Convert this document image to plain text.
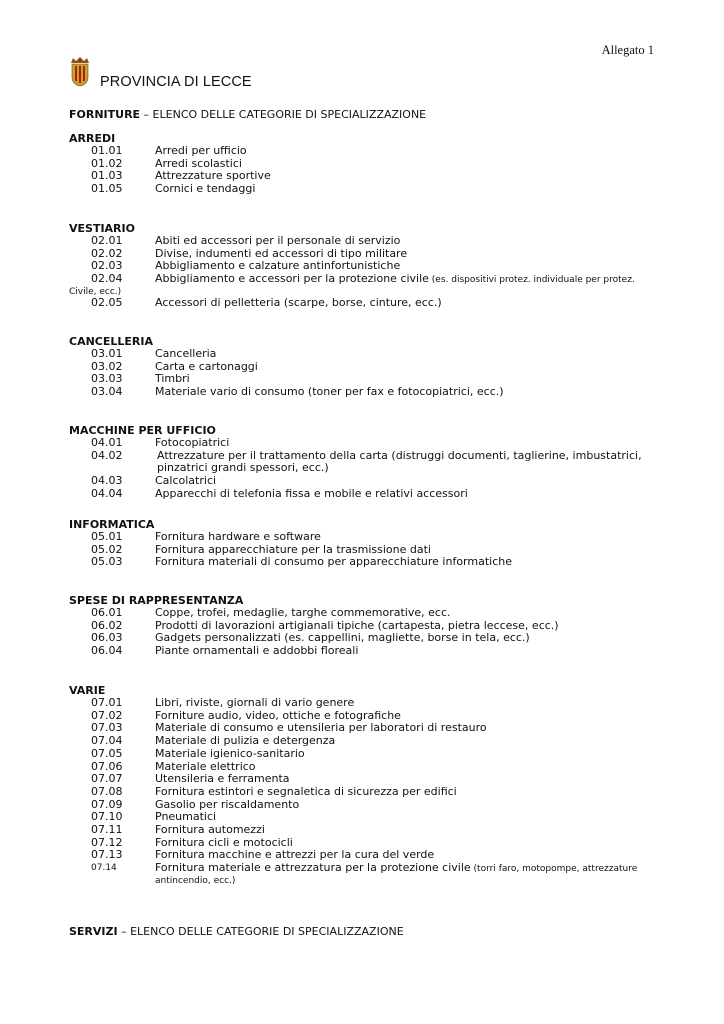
Allegato 1
PROVINCIA DI LECCE
FORNITURE – ELENCO DELLE CATEGORIE DI SPECIALIZZAZIONE
ARREDI
01.01	Arredi per ufficio
01.02	Arredi scolastici
01.03	Attrezzature sportive
01.05	Cornici e tendaggi
VESTIARIO
02.01	Abiti ed accessori per il personale di servizio
02.02	Divise, indumenti ed accessori di tipo militare
02.03	Abbigliamento e calzature antinfortunistiche
02.04	Abbigliamento e accessori per la protezione civile (es. dispositivi protez. individuale per protez.
Civile, ecc.)
02.05	Accessori di pelletteria (scarpe, borse, cinture, ecc.)
CANCELLERIA
03.01	Cancelleria
03.02	Carta e cartonaggi
03.03	Timbri
03.04	Materiale vario di consumo (toner per fax e fotocopiatrici, ecc.)
MACCHINE PER UFFICIO
04.01	Fotocopiatrici
04.02	Attrezzature per il trattamento della carta (distruggi documenti, taglierine, imbustatrici,
pinzatrici grandi spessori, ecc.)
04.03	Calcolatrici
04.04	Apparecchi di telefonia fissa e mobile e relativi accessori
INFORMATICA
05.01	Fornitura hardware e software
05.02	Fornitura apparecchiature per la trasmissione dati
05.03	Fornitura materiali di consumo per apparecchiature informatiche
SPESE DI RAPPRESENTANZA
06.01	Coppe, trofei, medaglie, targhe commemorative, ecc.
06.02	Prodotti di lavorazioni artigianali tipiche (cartapesta, pietra leccese, ecc.)
06.03	Gadgets personalizzati (es. cappellini, magliette, borse in tela, ecc.)
06.04	Piante ornamentali e addobbi floreali
VARIE
07.01	Libri, riviste, giornali di vario genere
07.02	Forniture audio, video, ottiche e fotografiche
07.03	Materiale di consumo e utensileria per laboratori di restauro
07.04	Materiale di pulizia e detergenza
07.05	Materiale igienico-sanitario
07.06	Materiale elettrico
07.07	Utensileria e ferramenta
07.08	Fornitura estintori e segnaletica di sicurezza per edifici
07.09	Gasolio per riscaldamento
07.10	Pneumatici
07.11	Fornitura automezzi
07.12	Fornitura cicli e motocicli
07.13	Fornitura macchine e attrezzi per la cura del verde
07.14	Fornitura materiale e attrezzatura per la protezione civile (torri faro, motopompe, attrezzature
antincendio, ecc.)
SERVIZI – ELENCO DELLE CATEGORIE DI SPECIALIZZAZIONE
